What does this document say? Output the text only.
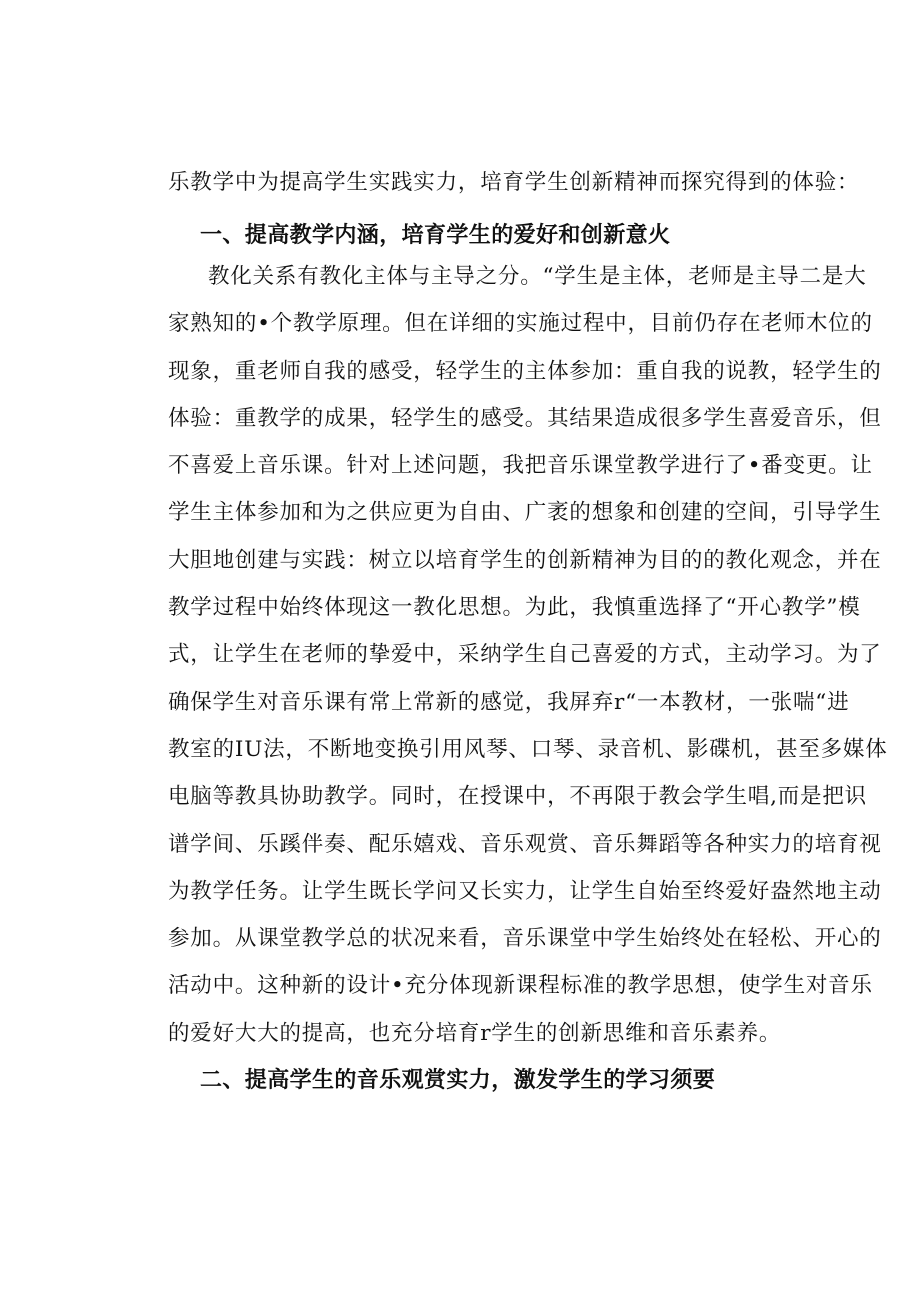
乐教学中为提高学生实践实力，培育学生创新精神而探究得到的体验：
一、提高教学内涵，培育学生的爱好和创新意火
教化关系有教化主体与主导之分。“学生是主体，老师是主导二是大
家熟知的•个教学原理。但在详细的实施过程中，目前仍存在老师木位的
现象，重老师自我的感受，轻学生的主体参加：重自我的说教，轻学生的
体验：重教学的成果，轻学生的感受。其结果造成很多学生喜爱音乐，但
不喜爱上音乐课。针对上述问题，我把音乐课堂教学进行了•番变更。让
学生主体参加和为之供应更为自由、广袤的想象和创建的空间，引导学生
大胆地创建与实践：树立以培育学生的创新精神为目的的教化观念，并在
教学过程中始终体现这一教化思想。为此，我慎重选择了“开心教学”模
式，让学生在老师的挚爱中，采纳学生自己喜爱的方式，主动学习。为了
确保学生对音乐课有常上常新的感觉，我屏弃r“一本教材，一张喘“进
教室的IU法，不断地变换引用风琴、口琴、录音机、影碟机，甚至多媒体
电脑等教具协助教学。同时，在授课中，不再限于教会学生唱,而是把识
谱学间、乐蹊伴奏、配乐嬉戏、音乐观赏、音乐舞蹈等各种实力的培育视
为教学任务。让学生既长学问又长实力，让学生自始至终爱好盎然地主动
参加。从课堂教学总的状况来看，音乐课堂中学生始终处在轻松、开心的
活动中。这种新的设计•充分体现新课程标准的教学思想，使学生对音乐
的爱好大大的提高，也充分培育r学生的创新思维和音乐素养。
二、提高学生的音乐观赏实力，激发学生的学习须要
